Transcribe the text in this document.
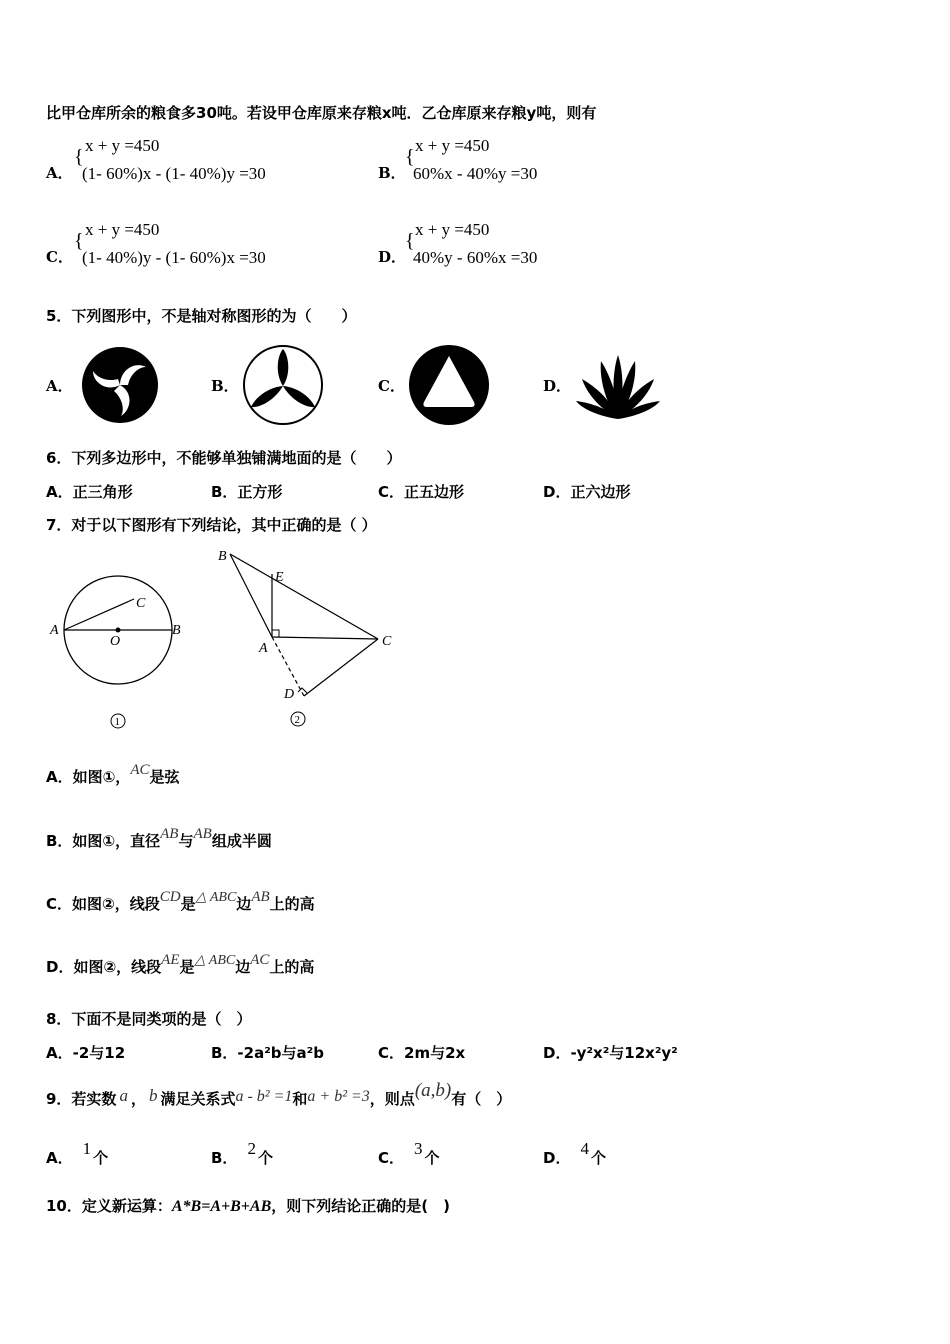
比甲仓库所余的粮食多30吨。若设甲仓库原来存粮x吨．乙仓库原来存粮y吨，则有
A．
{
x + y =450
(1- 60%)x - (1- 40%)y =30	B．
{
x + y =450
60%x - 40%y =30
C．
{
x + y =450
(1- 40%)y - (1- 60%)x =30	D．
{
x + y =450
40%y - 60%x =30
5．下列图形中，不是轴对称图形的为（　　）
A．	B．	C．	D．
6．下列多边形中，不能够单独铺满地面的是（　　）
A．正三角形	B．正方形	C．正五边形	D．正六边形
7．对于以下图形有下列结论，其中正确的是（ ）
A	B
C
O
1
B
E
A	C
D
2
A．如图①，AC是弦
B．如图①，直径AB与AB组成半圆
C．如图②，线段CD是△ ABC边AB上的高
D．如图②，线段AE是△ ABC边AC上的高
8．下面不是同类项的是（　）
A．-2与12	B．-2a²b与a²b	C．2m与2x	D．-y²x²与12x²y²
9．若实数 a ， b 满足关系式a - b² =1和a + b² =3，则点(a,b)有（　）
A． 1 个	B． 2 个	C． 3 个	D． 4 个
10．定义新运算：A*B=A+B+AB，则下列结论正确的是(　)
